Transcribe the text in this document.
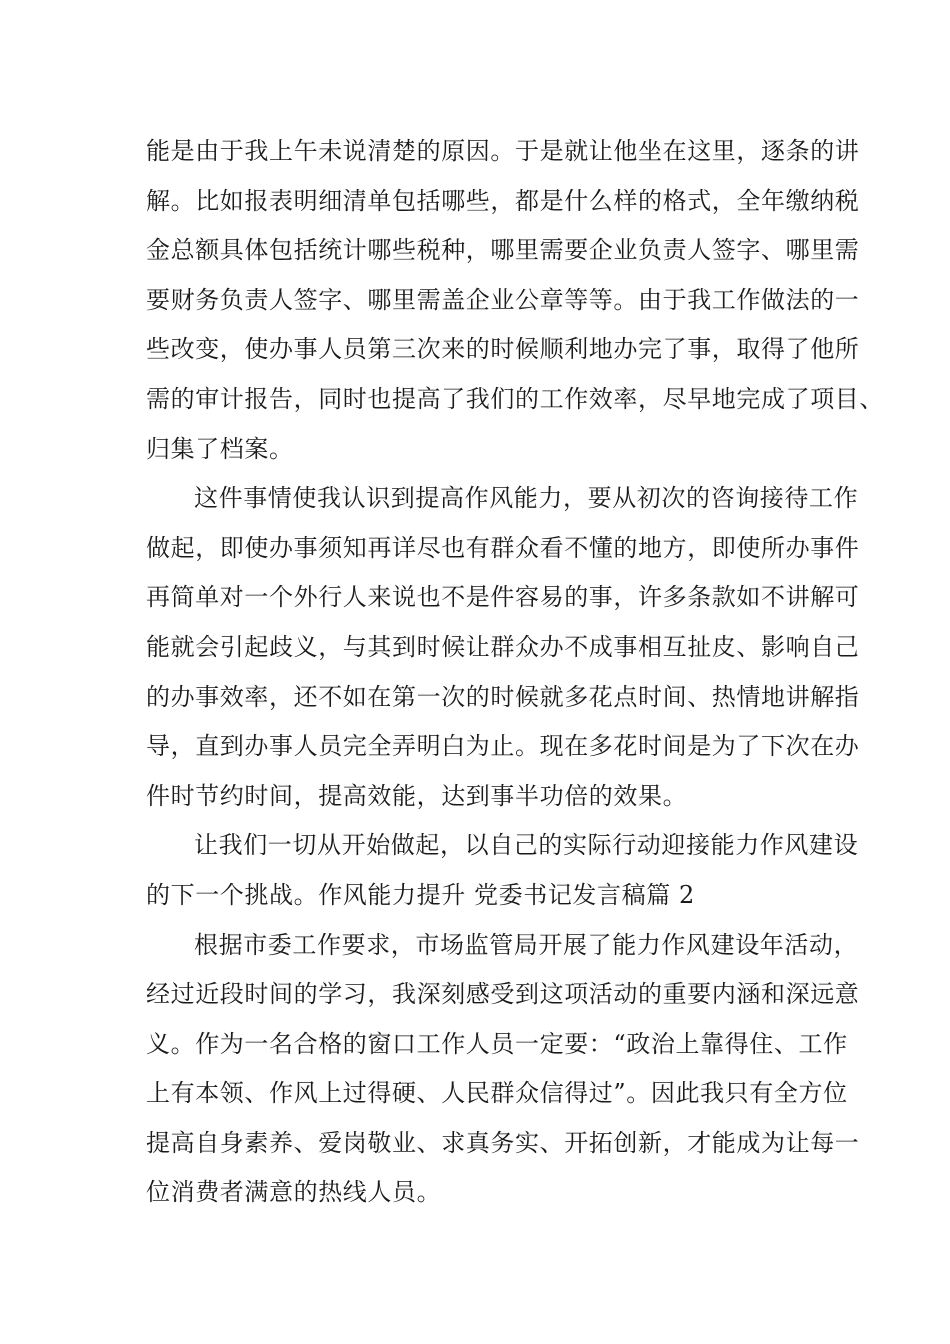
能是由于我上午未说清楚的原因。于是就让他坐在这里，逐条的讲
解。比如报表明细清单包括哪些，都是什么样的格式，全年缴纳税
金总额具体包括统计哪些税种，哪里需要企业负责人签字、哪里需
要财务负责人签字、哪里需盖企业公章等等。由于我工作做法的一
些改变，使办事人员第三次来的时候顺利地办完了事，取得了他所
需的审计报告，同时也提高了我们的工作效率，尽早地完成了项目、
归集了档案。
这件事情使我认识到提高作风能力，要从初次的咨询接待工作
做起，即使办事须知再详尽也有群众看不懂的地方，即使所办事件
再简单对一个外行人来说也不是件容易的事，许多条款如不讲解可
能就会引起歧义，与其到时候让群众办不成事相互扯皮、影响自己
的办事效率，还不如在第一次的时候就多花点时间、热情地讲解指
导，直到办事人员完全弄明白为止。现在多花时间是为了下次在办
件时节约时间，提高效能，达到事半功倍的效果。
让我们一切从开始做起，以自己的实际行动迎接能力作风建设
的下一个挑战。作风能力提升 党委书记发言稿篇 2
根据市委工作要求，市场监管局开展了能力作风建设年活动，
经过近段时间的学习，我深刻感受到这项活动的重要内涵和深远意
义。作为一名合格的窗口工作人员一定要：“政治上靠得住、工作
上有本领、作风上过得硬、人民群众信得过”。因此我只有全方位
提高自身素养、爱岗敬业、求真务实、开拓创新，才能成为让每一
位消费者满意的热线人员。
